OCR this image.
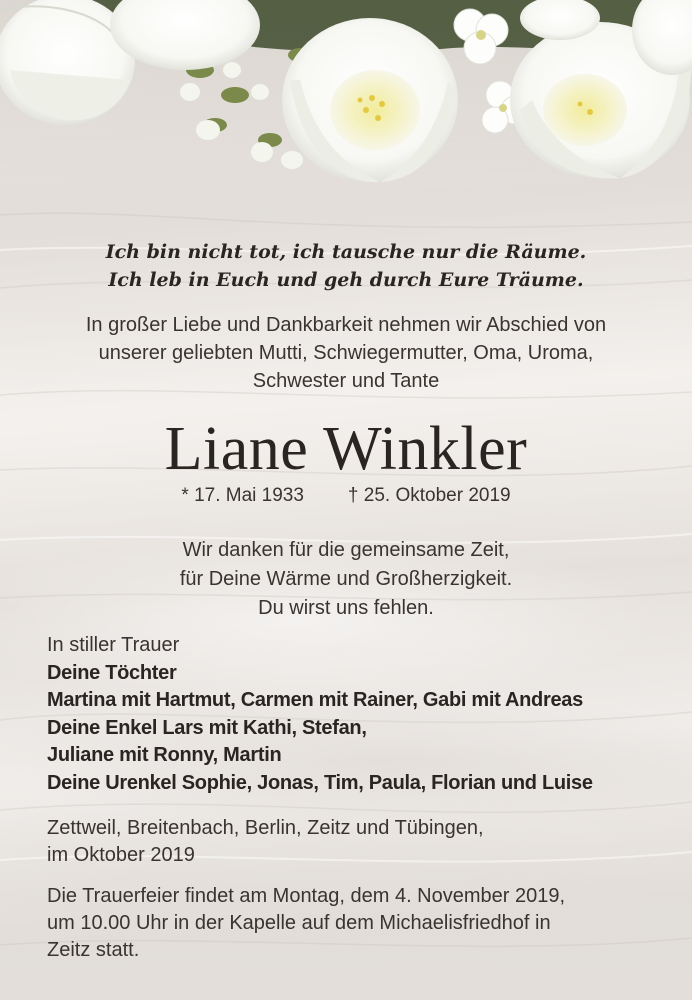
Ich bin nicht tot, ich tausche nur die Räume.
Ich leb in Euch und geh durch Eure Träume.
In großer Liebe und Dankbarkeit nehmen wir Abschied von
unserer geliebten Mutti, Schwiegermutter, Oma, Uroma,
Schwester und Tante
Liane Winkler
* 17. Mai 1933 † 25. Oktober 2019
Wir danken für die gemeinsame Zeit,
für Deine Wärme und Großherzigkeit.
Du wirst uns fehlen.
In stiller Trauer
Deine Töchter
Martina mit Hartmut, Carmen mit Rainer, Gabi mit Andreas
Deine Enkel Lars mit Kathi, Stefan,
Juliane mit Ronny, Martin
Deine Urenkel Sophie, Jonas, Tim, Paula, Florian und Luise
Zettweil, Breitenbach, Berlin, Zeitz und Tübingen,
im Oktober 2019
Die Trauerfeier findet am Montag, dem 4. November 2019,
um 10.00 Uhr in der Kapelle auf dem Michaelisfriedhof in
Zeitz statt.
